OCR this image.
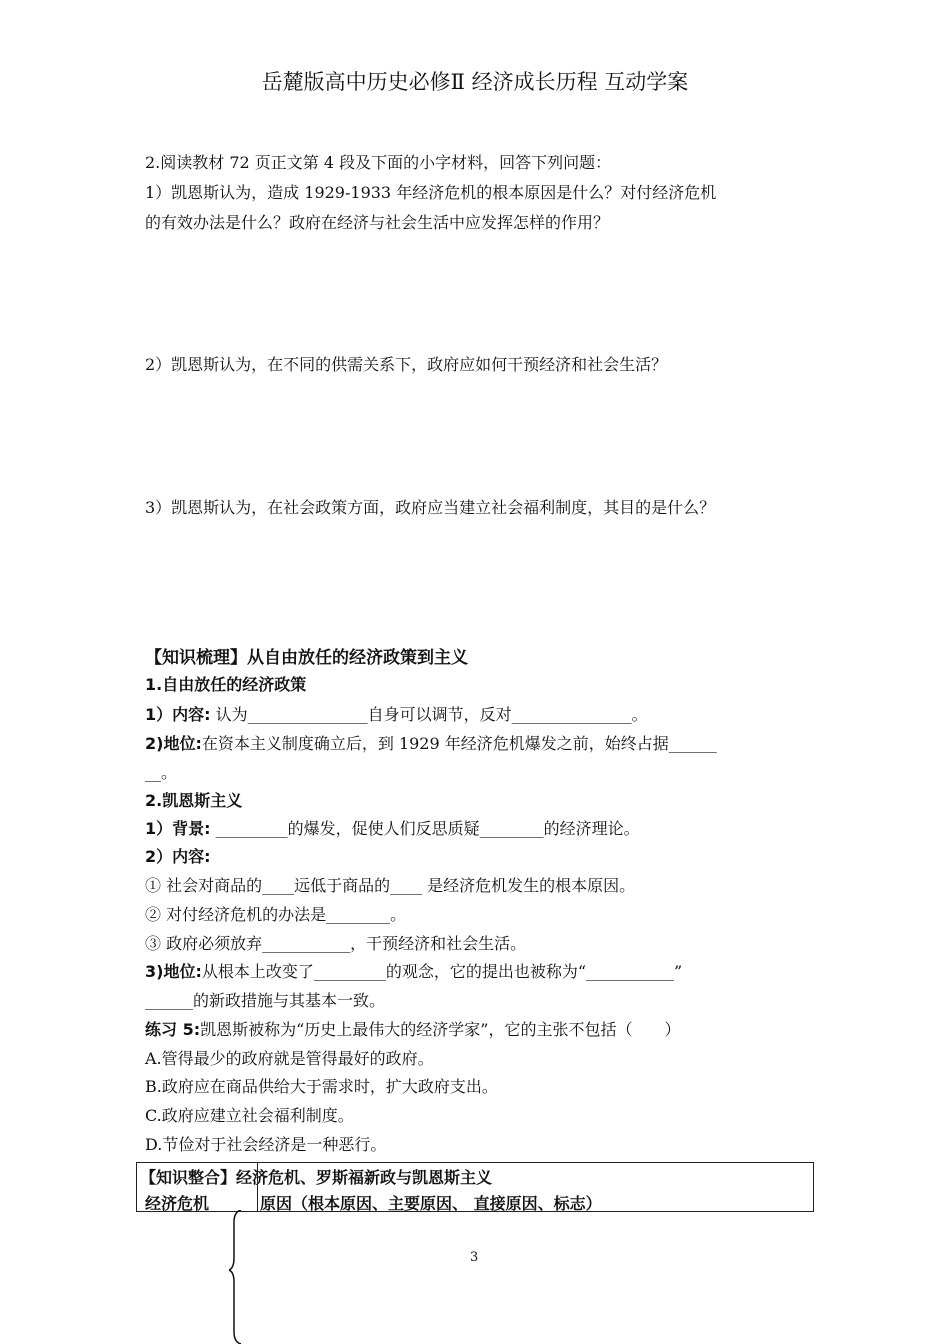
岳麓版高中历史必修Ⅱ 经济成长历程 互动学案
2.阅读教材 72 页正文第 4 段及下面的小字材料，回答下列问题：
1）凯恩斯认为，造成 1929-1933 年经济危机的根本原因是什么？对付经济危机
的有效办法是什么？政府在经济与社会生活中应发挥怎样的作用？
2）凯恩斯认为，在不同的供需关系下，政府应如何干预经济和社会生活？
3）凯恩斯认为，在社会政策方面，政府应当建立社会福利制度，其目的是什么？
【知识梳理】从自由放任的经济政策到主义
1.自由放任的经济政策
1）内容: 认为_______________自身可以调节，反对_______________。
2)地位:在资本主义制度确立后，到 1929 年经济危机爆发之前，始终占据______
__。
2.凯恩斯主义
1）背景: _________的爆发，促使人们反思质疑________的经济理论。
2）内容:
① 社会对商品的____远低于商品的____ 是经济危机发生的根本原因。
② 对付经济危机的办法是________。
③ 政府必须放弃___________，干预经济和社会生活。
3)地位:从根本上改变了_________的观念，它的提出也被称为“___________”
______的新政措施与其基本一致。
练习 5:凯恩斯被称为“历史上最伟大的经济学家”，它的主张不包括（　　）
A.管得最少的政府就是管得最好的政府。
B.政府应在商品供给大于需求时，扩大政府支出。
C.政府应建立社会福利制度。
D.节俭对于社会经济是一种恶行。
【知识整合】经济危机、罗斯福新政与凯恩斯主义
经济危机	原因（根本原因、主要原因、 直接原因、标志）
3
